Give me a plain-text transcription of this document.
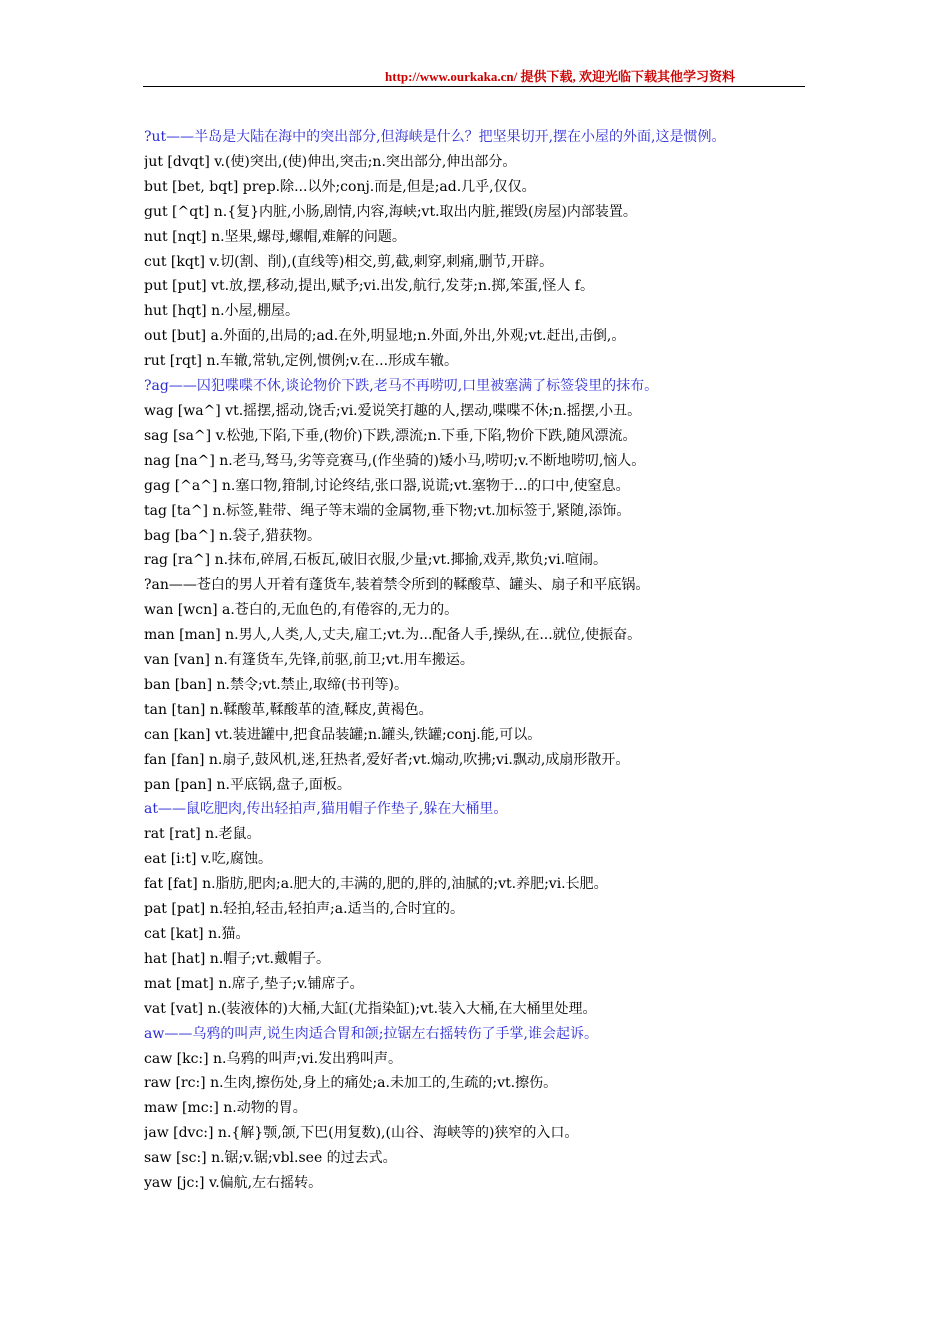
http://www.ourkaka.cn/ 提供下载, 欢迎光临下载其他学习资料
?ut——半岛是大陆在海中的突出部分,但海峡是什么？把坚果切开,摆在小屋的外面,这是惯例。
jut [dvqt] v.(使)突出,(使)伸出,突击;n.突出部分,伸出部分。
but [bet, bqt] prep.除...以外;conj.而是,但是;ad.几乎,仅仅。
gut [^qt] n.{复}内脏,小肠,剧情,内容,海峡;vt.取出内脏,摧毁(房屋)内部装置。
nut [nqt] n.坚果,螺母,螺帽,难解的问题。
cut [kqt] v.切(割、削),(直线等)相交,剪,截,刺穿,刺痛,删节,开辟。
put [put] vt.放,摆,移动,提出,赋予;vi.出发,航行,发芽;n.掷,笨蛋,怪人 f。
hut [hqt] n.小屋,棚屋。
out [but] a.外面的,出局的;ad.在外,明显地;n.外面,外出,外观;vt.赶出,击倒,。
rut [rqt] n.车辙,常轨,定例,惯例;v.在...形成车辙。
?ag——囚犯喋喋不休,谈论物价下跌,老马不再唠叨,口里被塞满了标签袋里的抹布。
wag [wa^] vt.摇摆,摇动,饶舌;vi.爱说笑打趣的人,摆动,喋喋不休;n.摇摆,小丑。
sag [sa^] v.松弛,下陷,下垂,(物价)下跌,漂流;n.下垂,下陷,物价下跌,随风漂流。
nag [na^] n.老马,驽马,劣等竞赛马,(作坐骑的)矮小马,唠叨;v.不断地唠叨,恼人。
gag [^a^] n.塞口物,箝制,讨论终结,张口器,说谎;vt.塞物于...的口中,使窒息。
tag [ta^] n.标签,鞋带、绳子等末端的金属物,垂下物;vt.加标签于,紧随,添饰。
bag [ba^] n.袋子,猎获物。
rag [ra^] n.抹布,碎屑,石板瓦,破旧衣服,少量;vt.揶揄,戏弄,欺负;vi.喧闹。
?an——苍白的男人开着有蓬货车,装着禁令所到的鞣酸草、罐头、扇子和平底锅。
wan [wcn] a.苍白的,无血色的,有倦容的,无力的。
man [man] n.男人,人类,人,丈夫,雇工;vt.为...配备人手,操纵,在...就位,使振奋。
van [van] n.有篷货车,先锋,前驱,前卫;vt.用车搬运。
ban [ban] n.禁令;vt.禁止,取缔(书刊等)。
tan [tan] n.鞣酸革,鞣酸革的渣,鞣皮,黄褐色。
can [kan] vt.装进罐中,把食品装罐;n.罐头,铁罐;conj.能,可以。
fan [fan] n.扇子,鼓风机,迷,狂热者,爱好者;vt.煽动,吹拂;vi.飘动,成扇形散开。
pan [pan] n.平底锅,盘子,面板。
at——鼠吃肥肉,传出轻拍声,猫用帽子作垫子,躲在大桶里。
rat [rat] n.老鼠。
eat [i:t] v.吃,腐蚀。
fat [fat] n.脂肪,肥肉;a.肥大的,丰满的,肥的,胖的,油腻的;vt.养肥;vi.长肥。
pat [pat] n.轻拍,轻击,轻拍声;a.适当的,合时宜的。
cat [kat] n.猫。
hat [hat] n.帽子;vt.戴帽子。
mat [mat] n.席子,垫子;v.铺席子。
vat [vat] n.(装液体的)大桶,大缸(尤指染缸);vt.装入大桶,在大桶里处理。
aw——乌鸦的叫声,说生肉适合胃和颌;拉锯左右摇转伤了手掌,谁会起诉。
caw [kc:] n.乌鸦的叫声;vi.发出鸦叫声。
raw [rc:] n.生肉,擦伤处,身上的痛处;a.未加工的,生疏的;vt.擦伤。
maw [mc:] n.动物的胃。
jaw [dvc:] n.{解}颚,颌,下巴(用复数),(山谷、海峡等的)狭窄的入口。
saw [sc:] n.锯;v.锯;vbl.see 的过去式。
yaw [jc:] v.偏航,左右摇转。
